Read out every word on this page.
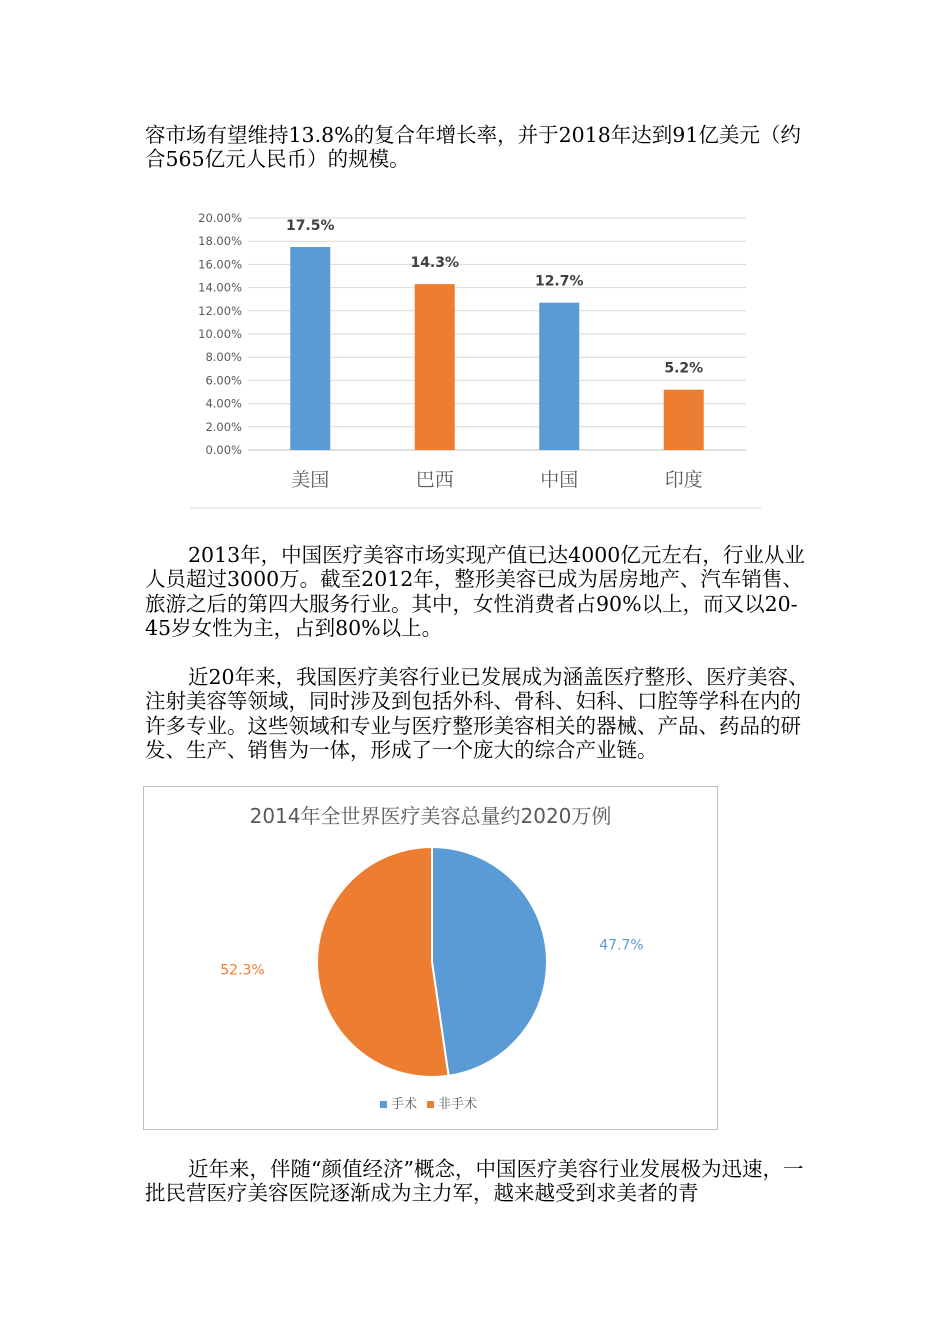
容市场有望维持13.8%的复合年增长率，并于2018年达到91亿美元（约合565亿元人民币）的规模。

0.00%
2.00%
4.00%
6.00%
8.00%
10.00%
12.00%
14.00%
16.00%
18.00%
20.00%	17.5%
美国
14.3%
巴西
12.7%
中国
5.2%
印度

2013年，中国医疗美容市场实现产值已达4000亿元左右，行业从业人员超过3000万。截至2012年，整形美容已成为居房地产、汽车销售、旅游之后的第四大服务行业。其中，女性消费者占90%以上，而又以20-45岁女性为主，占到80%以上。

近20年来，我国医疗美容行业已发展成为涵盖医疗整形、医疗美容、注射美容等领域，同时涉及到包括外科、骨科、妇科、口腔等学科在内的许多专业。这些领域和专业与医疗整形美容相关的器械、产品、药品的研发、生产、销售为一体，形成了一个庞大的综合产业链。

2014年全世界医疗美容总量约2020万例
47.7%
52.3%
手术 非手术

近年来，伴随“颜值经济”概念，中国医疗美容行业发展极为迅速，一批民营医疗美容医院逐渐成为主力军，越来越受到求美者的青
